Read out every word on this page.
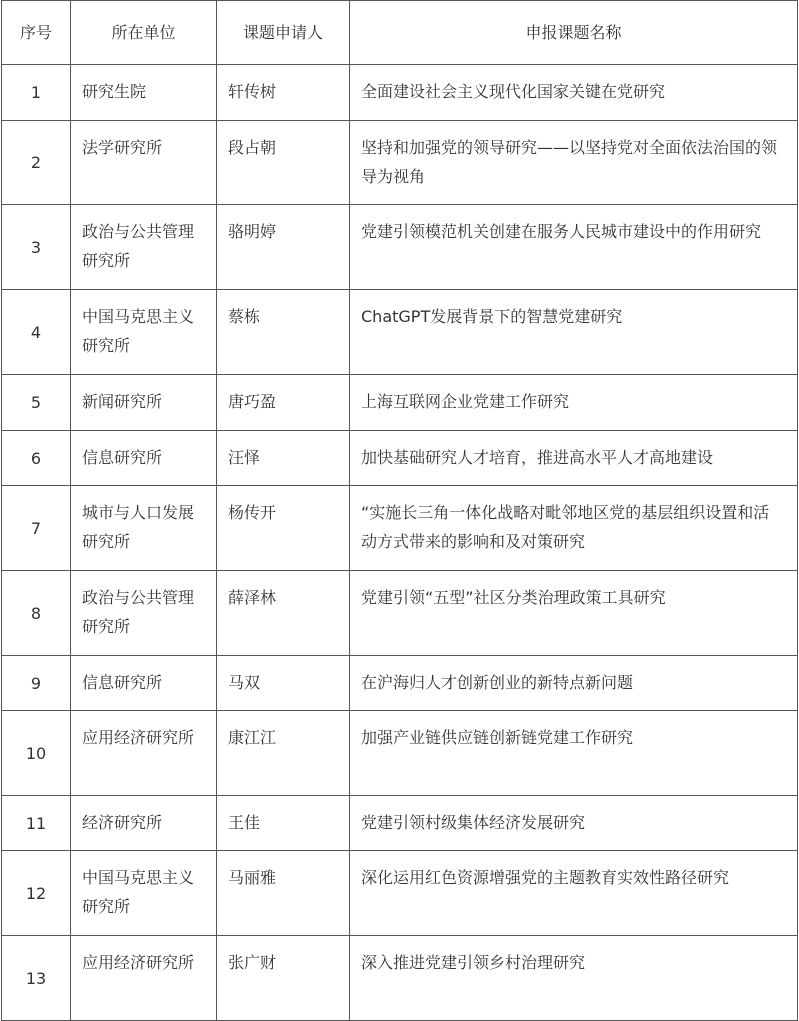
序号	所在单位	课题申请人	申报课题名称
1	研究生院	轩传树	全面建设社会主义现代化国家关键在党研究
2	法学研究所	段占朝	坚持和加强党的领导研究——以坚持党对全面依法治国的领导为视角
3	政治与公共管理研究所	骆明婷	党建引领模范机关创建在服务人民城市建设中的作用研究
4	中国马克思主义研究所	蔡栋	ChatGPT发展背景下的智慧党建研究
5	新闻研究所	唐巧盈	上海互联网企业党建工作研究
6	信息研究所	汪怿	加快基础研究人才培育，推进高水平人才高地建设
7	城市与人口发展研究所	杨传开	“实施长三角一体化战略对毗邻地区党的基层组织设置和活动方式带来的影响和及对策研究
8	政治与公共管理研究所	薛泽林	党建引领“五型”社区分类治理政策工具研究
9	信息研究所	马双	在沪海归人才创新创业的新特点新问题
10	应用经济研究所	康江江	加强产业链供应链创新链党建工作研究
11	经济研究所	王佳	党建引领村级集体经济发展研究
12	中国马克思主义研究所	马丽雅	深化运用红色资源增强党的主题教育实效性路径研究
13	应用经济研究所	张广财	深入推进党建引领乡村治理研究
